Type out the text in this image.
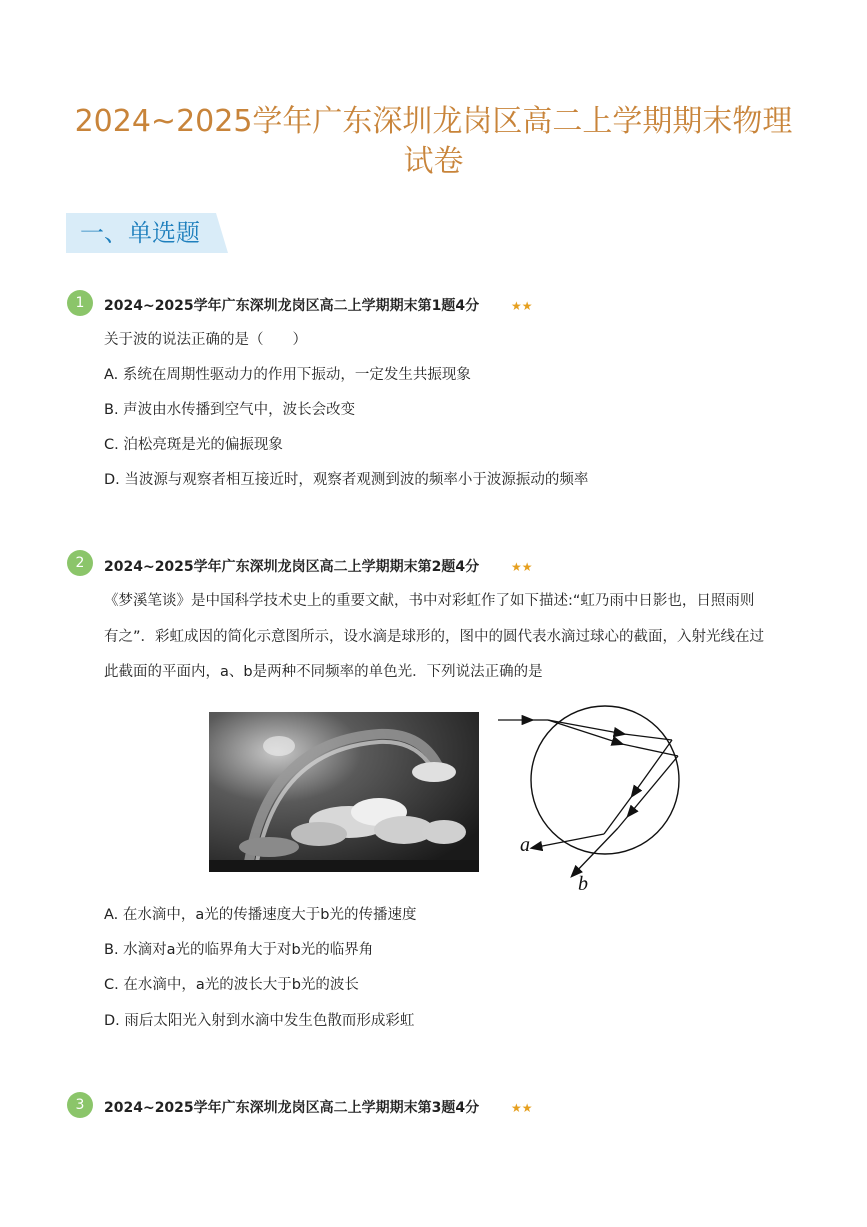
2024~2025学年广东深圳龙岗区高二上学期期末物理试卷
一、单选题
1	2024~2025学年广东深圳龙岗区高二上学期期末第1题4分	★★
关于波的说法正确的是（　　）
A. 系统在周期性驱动力的作用下振动，一定发生共振现象
B. 声波由水传播到空气中，波长会改变
C. 泊松亮斑是光的偏振现象
D. 当波源与观察者相互接近时，观察者观测到波的频率小于波源振动的频率
2	2024~2025学年广东深圳龙岗区高二上学期期末第2题4分	★★
《梦溪笔谈》是中国科学技术史上的重要文献，书中对彩虹作了如下描述:“虹乃雨中日影也，日照雨则
有之”．彩虹成因的简化示意图所示，设水滴是球形的，图中的圆代表水滴过球心的截面，入射光线在过
此截面的平面内，a、b是两种不同频率的单色光．下列说法正确的是
a
b
A. 在水滴中，a光的传播速度大于b光的传播速度
B. 水滴对a光的临界角大于对b光的临界角
C. 在水滴中，a光的波长大于b光的波长
D. 雨后太阳光入射到水滴中发生色散而形成彩虹
3	2024~2025学年广东深圳龙岗区高二上学期期末第3题4分	★★
